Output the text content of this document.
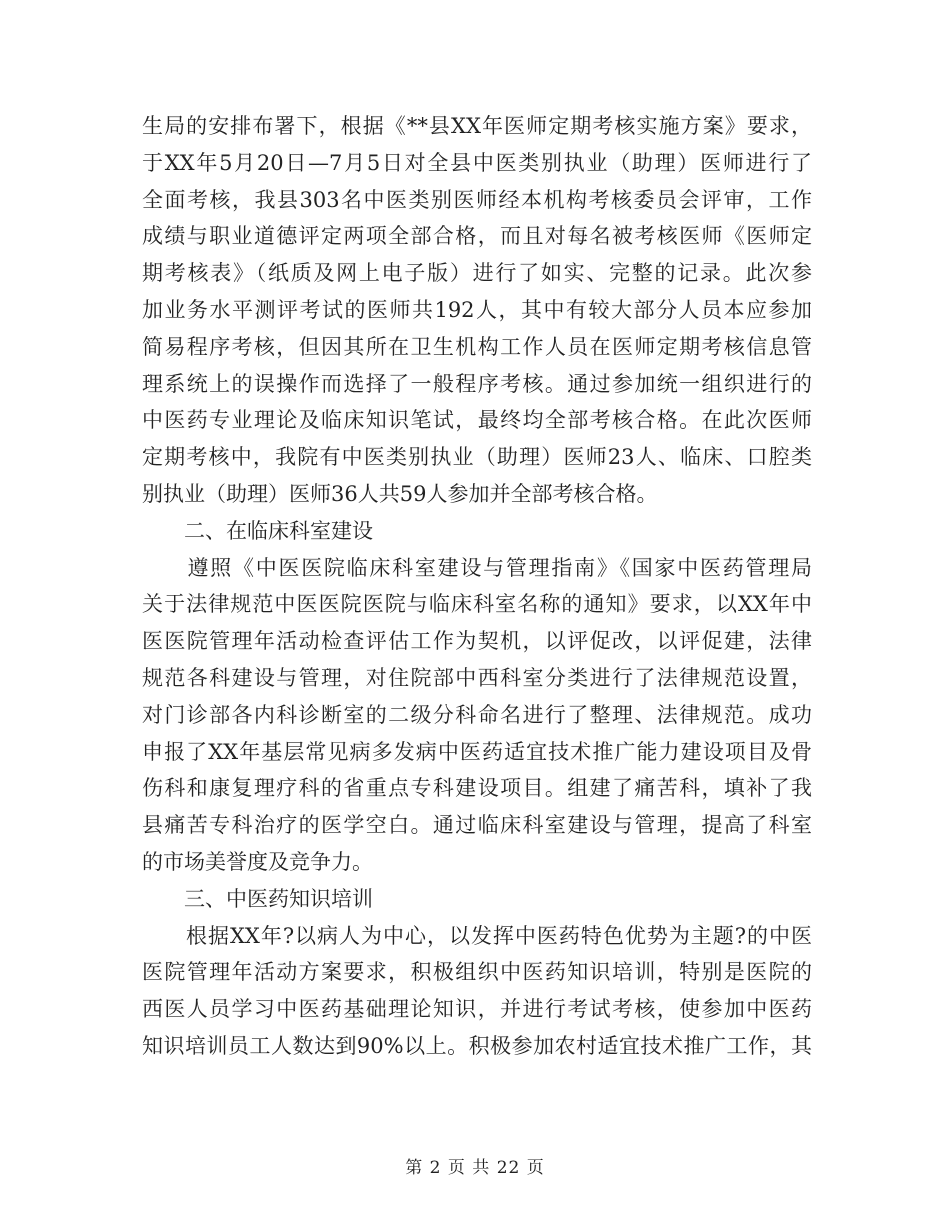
生局的安排布署下，根据《**县XX年医师定期考核实施方案》要求，
于XX年5月20日—7月5日对全县中医类别执业（助理）医师进行了
全面考核，我县303名中医类别医师经本机构考核委员会评审，工作
成绩与职业道德评定两项全部合格，而且对每名被考核医师《医师定
期考核表》（纸质及网上电子版）进行了如实、完整的记录。此次参
加业务水平测评考试的医师共192人，其中有较大部分人员本应参加
简易程序考核，但因其所在卫生机构工作人员在医师定期考核信息管
理系统上的误操作而选择了一般程序考核。通过参加统一组织进行的
中医药专业理论及临床知识笔试，最终均全部考核合格。在此次医师
定期考核中，我院有中医类别执业（助理）医师23人、临床、口腔类
别执业（助理）医师36人共59人参加并全部考核合格。
二、在临床科室建设
　　遵照《中医医院临床科室建设与管理指南》《国家中医药管理局
关于法律规范中医医院医院与临床科室名称的通知》要求，以XX年中
医医院管理年活动检查评估工作为契机，以评促改，以评促建，法律
规范各科建设与管理，对住院部中西科室分类进行了法律规范设置，
对门诊部各内科诊断室的二级分科命名进行了整理、法律规范。成功
申报了XX年基层常见病多发病中医药适宜技术推广能力建设项目及骨
伤科和康复理疗科的省重点专科建设项目。组建了痛苦科，填补了我
县痛苦专科治疗的医学空白。通过临床科室建设与管理，提高了科室
的市场美誉度及竞争力。
三、中医药知识培训
　　根据XX年?以病人为中心，以发挥中医药特色优势为主题?的中医
医院管理年活动方案要求，积极组织中医药知识培训，特别是医院的
西医人员学习中医药基础理论知识，并进行考试考核，使参加中医药
知识培训员工人数达到90%以上。积极参加农村适宜技术推广工作，其
第 2 页 共 22 页
